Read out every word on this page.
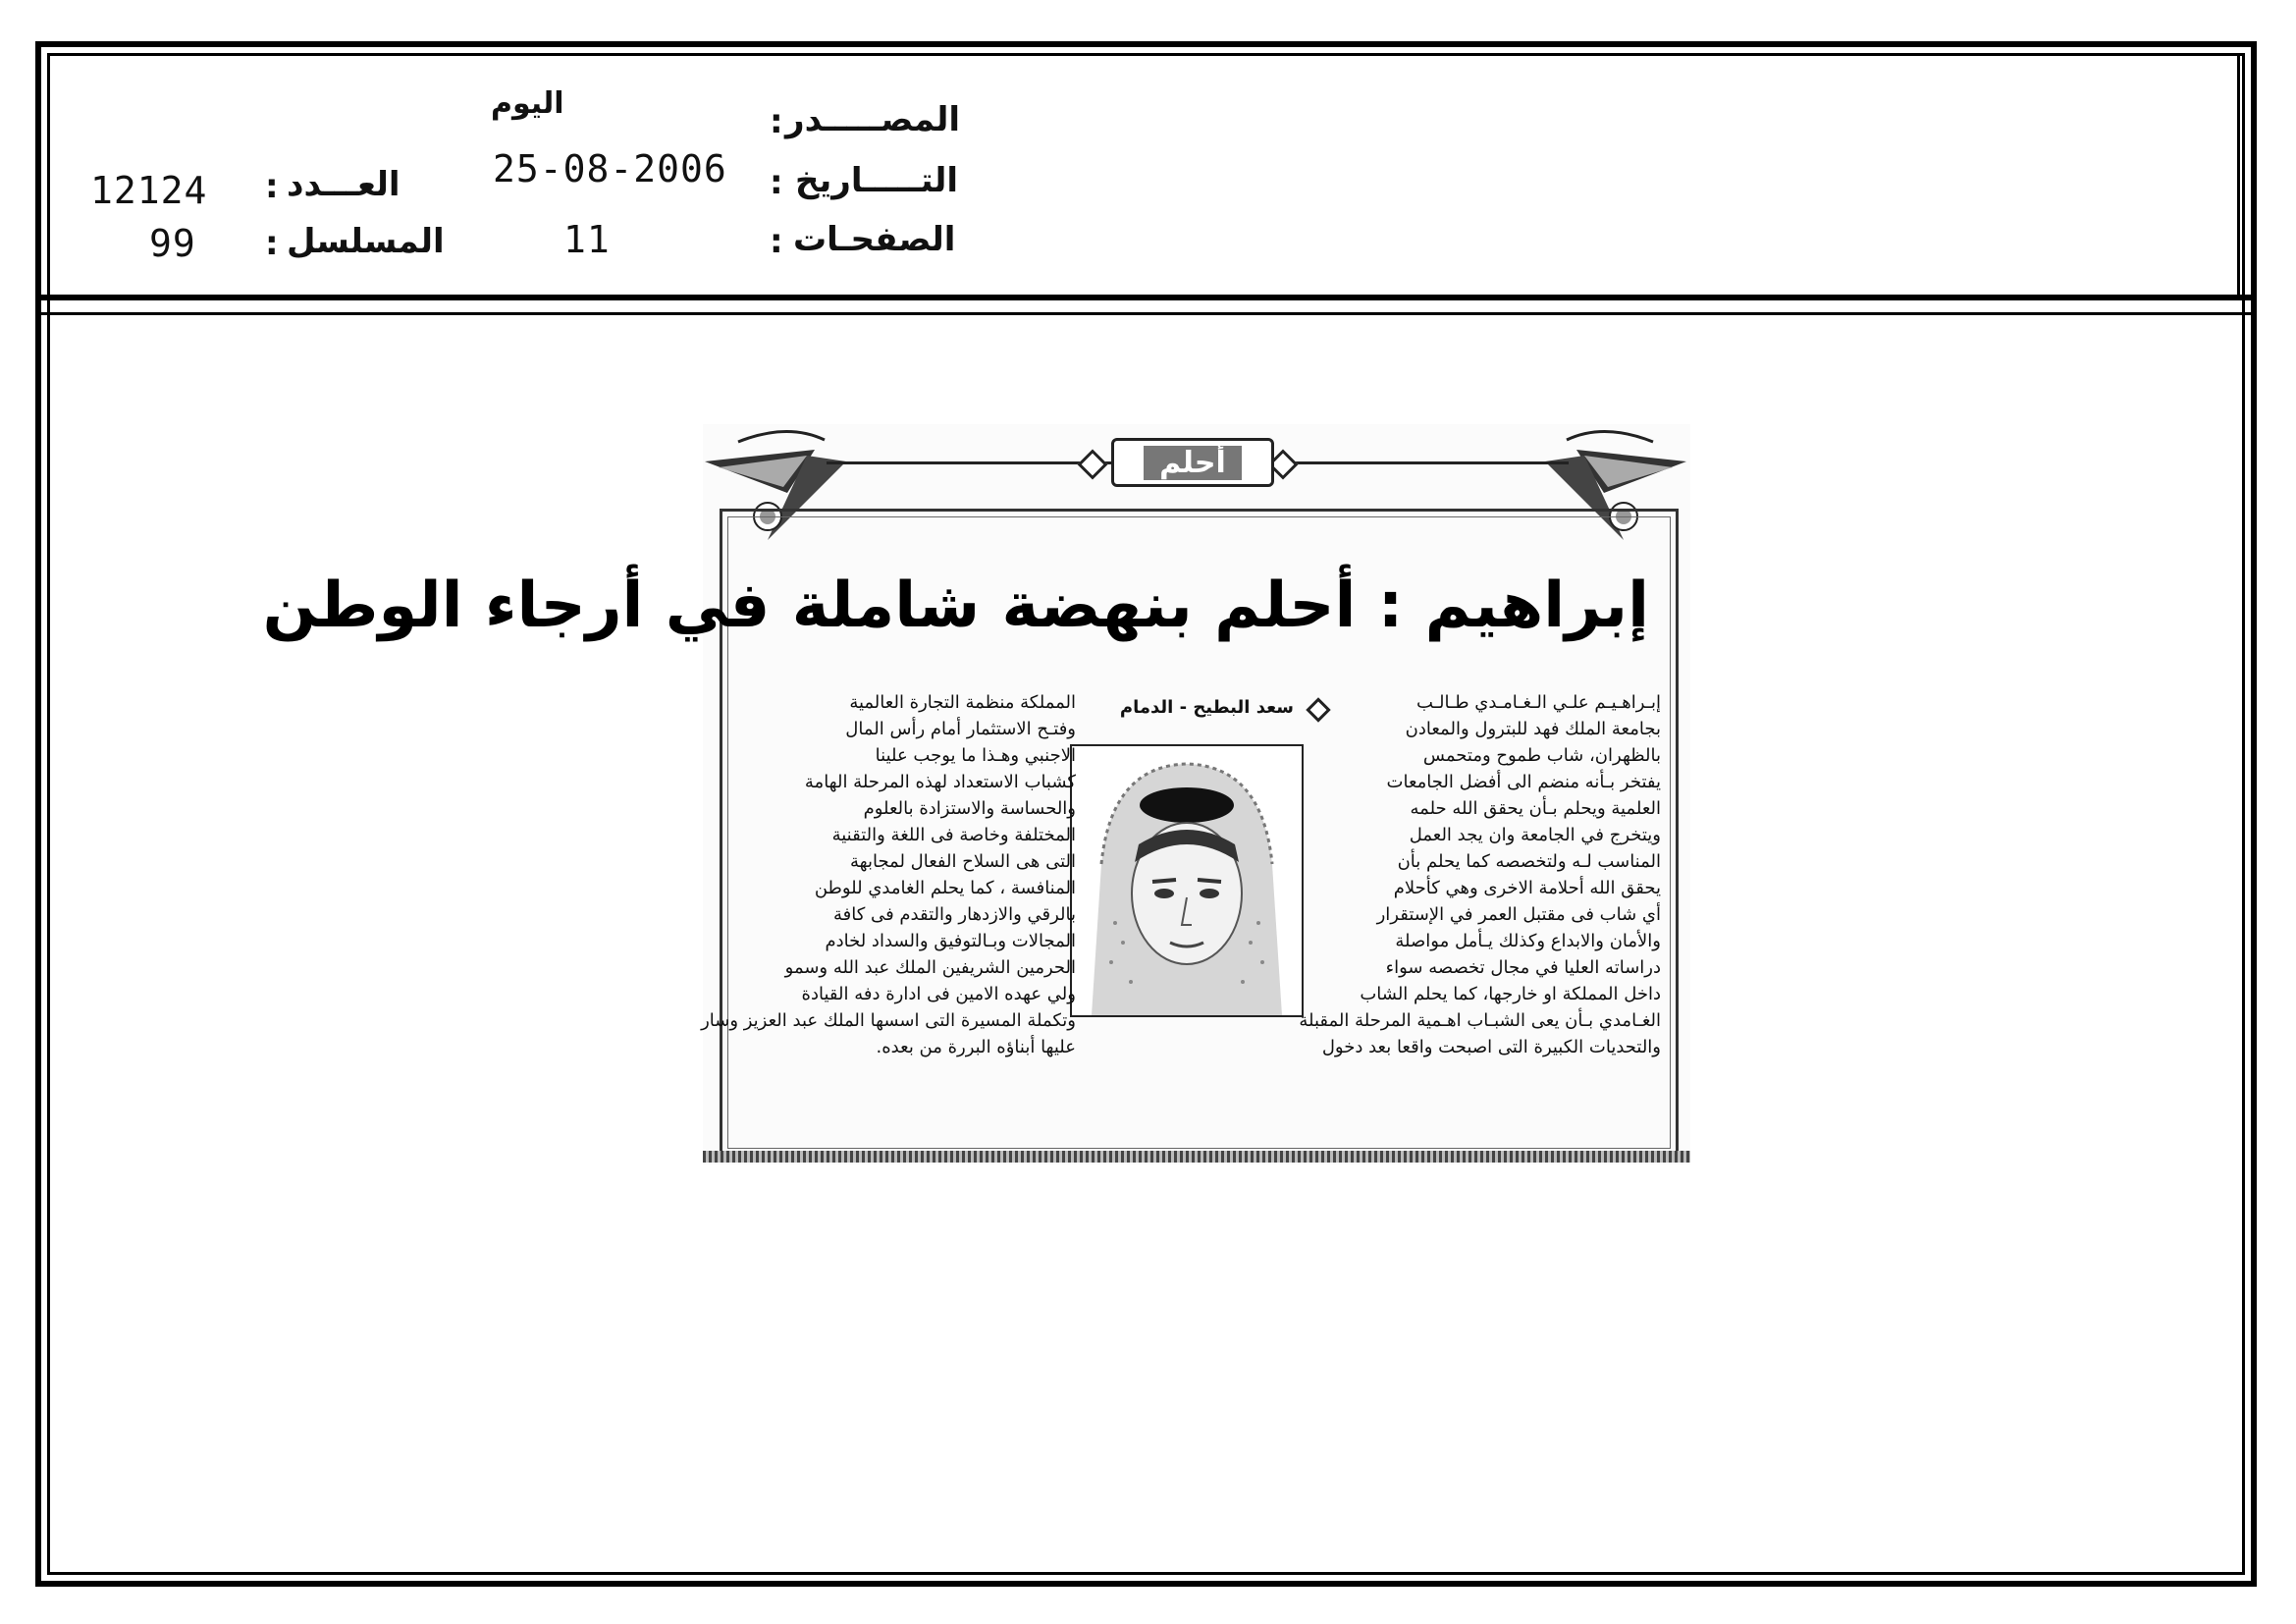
المصـــــدر
:
اليوم
التـــــاريخ
:
25-08-2006
الصفحـات
:
11
العـــدد
:
12124
المسلسل
:
99
أحلم
إبراهيم : أحلم بنهضة شاملة في أرجاء الوطن
سعد البطيح - الدمام	إبـراهـيـم علـي الـغـامـدي طـالـب
بجامعة الملك فهد للبترول والمعادن
بالظهران، شاب طموح ومتحمس
يفتخر بـأنه منضم الى أفضل الجامعات
العلمية ويحلم بـأن يحقق الله حلمه
ويتخرج في الجامعة وان يجد العمل
المناسب لـه ولتخصصه كما يحلم بأن
يحقق الله أحلامة الاخرى وهي كأحلام
أي شاب فى مقتبل العمر في الإستقرار
والأمان والابداع وكذلك يـأمل مواصلة
دراساته العليا في مجال تخصصه سواء
داخل المملكة او خارجها، كما يحلم الشاب
الغـامدي بـأن يعى الشبـاب اهـمية المرحلة المقبلة
والتحديات الكبيرة التى اصبحت واقعا بعد دخول
المملكة منظمة التجارة العالمية
وفتـح الاستثمار أمام رأس المال
الاجنبي وهـذا ما يوجب علينا
كشباب الاستعداد لهذه المرحلة الهامة
والحساسة والاستزادة بالعلوم
المختلفة وخاصة فى اللغة والتقنية
التى هى السلاح الفعال لمجابهة
المنافسة ، كما يحلم الغامدي للوطن
بالرقي والازدهار والتقدم فى كافة
المجالات وبـالتوفيق والسداد لخادم
الحرمين الشريفين الملك عبد الله وسمو
ولي عهده الامين فى ادارة دفه القيادة
وتكملة المسيرة التى اسسها الملك عبد العزيز وسار
عليها أبناؤه البررة من بعده.
